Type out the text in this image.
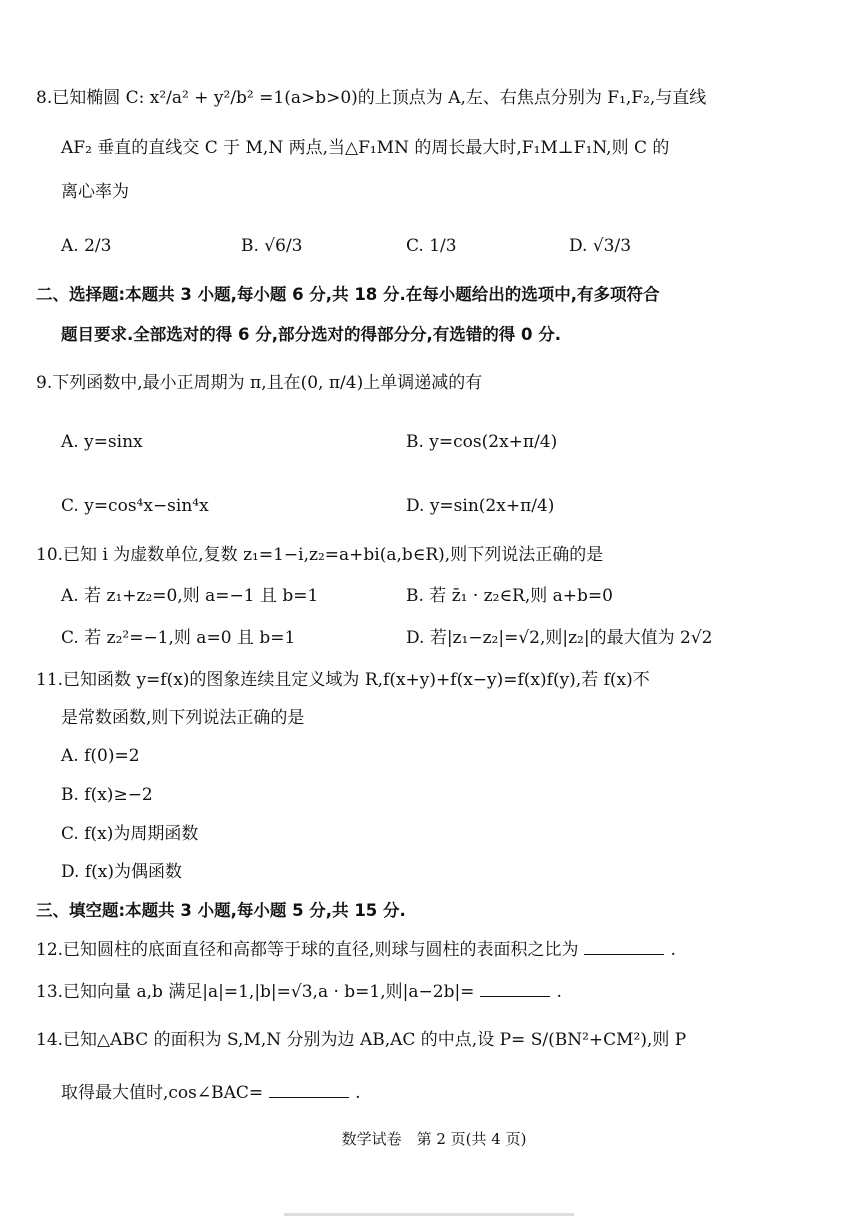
8.已知椭圆 C: x²/a² + y²/b² =1(a>b>0)的上顶点为 A,左、右焦点分别为 F₁,F₂,与直线
AF₂ 垂直的直线交 C 于 M,N 两点,当△F₁MN 的周长最大时,F₁M⊥F₁N,则 C 的
离心率为
A. 2/3	B. √6/3	C. 1/3	D. √3/3
二、选择题:本题共 3 小题,每小题 6 分,共 18 分.在每小题给出的选项中,有多项符合
题目要求.全部选对的得 6 分,部分选对的得部分分,有选错的得 0 分.
9.下列函数中,最小正周期为 π,且在(0, π/4)上单调递减的有
A. y=sinx	B. y=cos(2x+π/4)
C. y=cos⁴x−sin⁴x	D. y=sin(2x+π/4)
10.已知 i 为虚数单位,复数 z₁=1−i,z₂=a+bi(a,b∈R),则下列说法正确的是
A. 若 z₁+z₂=0,则 a=−1 且 b=1	B. 若 z̄₁ · z₂∈R,则 a+b=0
C. 若 z₂²=−1,则 a=0 且 b=1	D. 若|z₁−z₂|=√2,则|z₂|的最大值为 2√2
11.已知函数 y=f(x)的图象连续且定义域为 R,f(x+y)+f(x−y)=f(x)f(y),若 f(x)不
是常数函数,则下列说法正确的是
A. f(0)=2
B. f(x)≥−2
C. f(x)为周期函数
D. f(x)为偶函数
三、填空题:本题共 3 小题,每小题 5 分,共 15 分.
12.已知圆柱的底面直径和高都等于球的直径,则球与圆柱的表面积之比为	.
13.已知向量 a,b 满足|a|=1,|b|=√3,a · b=1,则|a−2b|=	.
14.已知△ABC 的面积为 S,M,N 分别为边 AB,AC 的中点,设 P= S/(BN²+CM²),则 P
取得最大值时,cos∠BAC=	.
数学试卷　第 2 页(共 4 页)
